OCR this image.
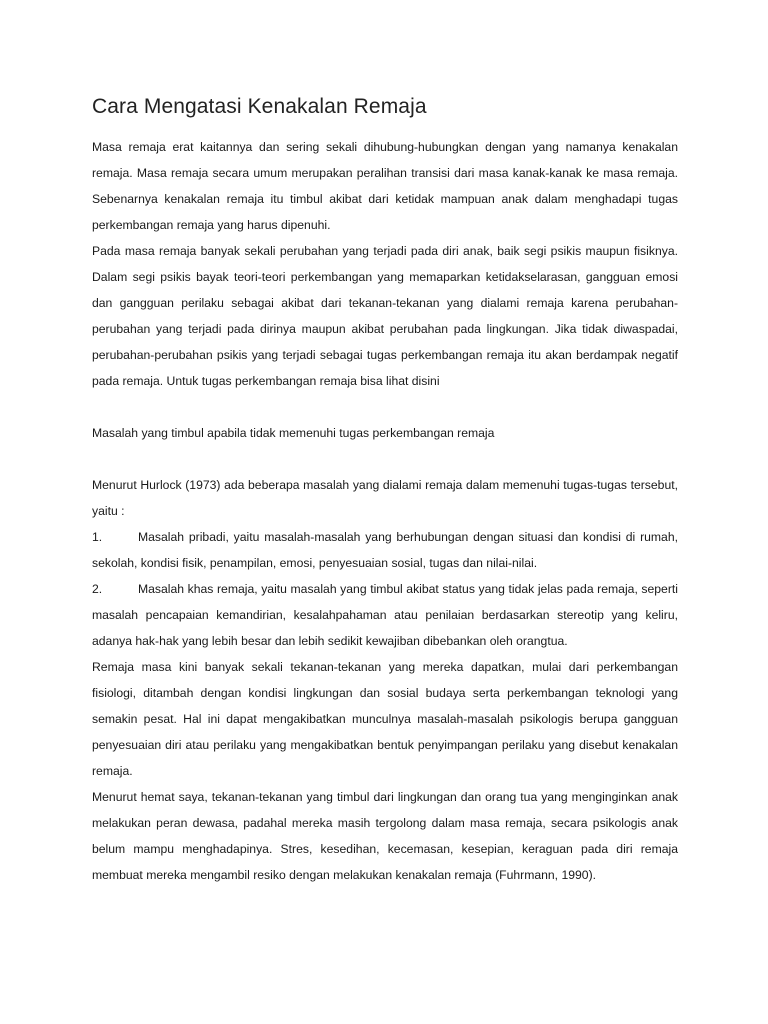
Cara Mengatasi Kenakalan Remaja

Masa remaja erat kaitannya dan sering sekali dihubung-hubungkan dengan yang namanya kenakalan remaja. Masa remaja secara umum merupakan peralihan transisi dari masa kanak-kanak ke masa remaja. Sebenarnya kenakalan remaja itu timbul akibat dari ketidak mampuan anak dalam menghadapi tugas perkembangan remaja yang harus dipenuhi.

Pada masa remaja banyak sekali perubahan yang terjadi pada diri anak, baik segi psikis maupun fisiknya. Dalam segi psikis bayak teori-teori perkembangan yang memaparkan ketidakselarasan, gangguan emosi dan gangguan perilaku sebagai akibat dari tekanan-tekanan yang dialami remaja karena perubahan-perubahan yang terjadi pada dirinya maupun akibat perubahan pada lingkungan. Jika tidak diwaspadai, perubahan-perubahan psikis yang terjadi sebagai tugas perkembangan remaja itu akan berdampak negatif pada remaja. Untuk tugas perkembangan remaja bisa lihat disini

Masalah yang timbul apabila tidak memenuhi tugas perkembangan remaja

Menurut Hurlock (1973) ada beberapa masalah yang dialami remaja dalam memenuhi tugas-tugas tersebut, yaitu :

1.	Masalah pribadi, yaitu masalah-masalah yang berhubungan dengan situasi dan kondisi di rumah, sekolah, kondisi fisik, penampilan, emosi, penyesuaian sosial, tugas dan nilai-nilai.

2.	Masalah khas remaja, yaitu masalah yang timbul akibat status yang tidak jelas pada remaja, seperti masalah pencapaian kemandirian, kesalahpahaman atau penilaian berdasarkan stereotip yang keliru, adanya hak-hak yang lebih besar dan lebih sedikit kewajiban dibebankan oleh orangtua.

Remaja masa kini banyak sekali tekanan-tekanan yang mereka dapatkan, mulai dari perkembangan fisiologi, ditambah dengan kondisi lingkungan dan sosial budaya serta perkembangan teknologi yang semakin pesat. Hal ini dapat mengakibatkan munculnya masalah-masalah psikologis berupa gangguan penyesuaian diri atau perilaku yang mengakibatkan bentuk penyimpangan perilaku yang disebut kenakalan remaja.

Menurut hemat saya, tekanan-tekanan yang timbul dari lingkungan dan orang tua yang menginginkan anak melakukan peran dewasa, padahal mereka masih tergolong dalam masa remaja, secara psikologis anak belum mampu menghadapinya. Stres, kesedihan, kecemasan, kesepian, keraguan pada diri remaja membuat mereka mengambil resiko dengan melakukan kenakalan remaja (Fuhrmann, 1990).
